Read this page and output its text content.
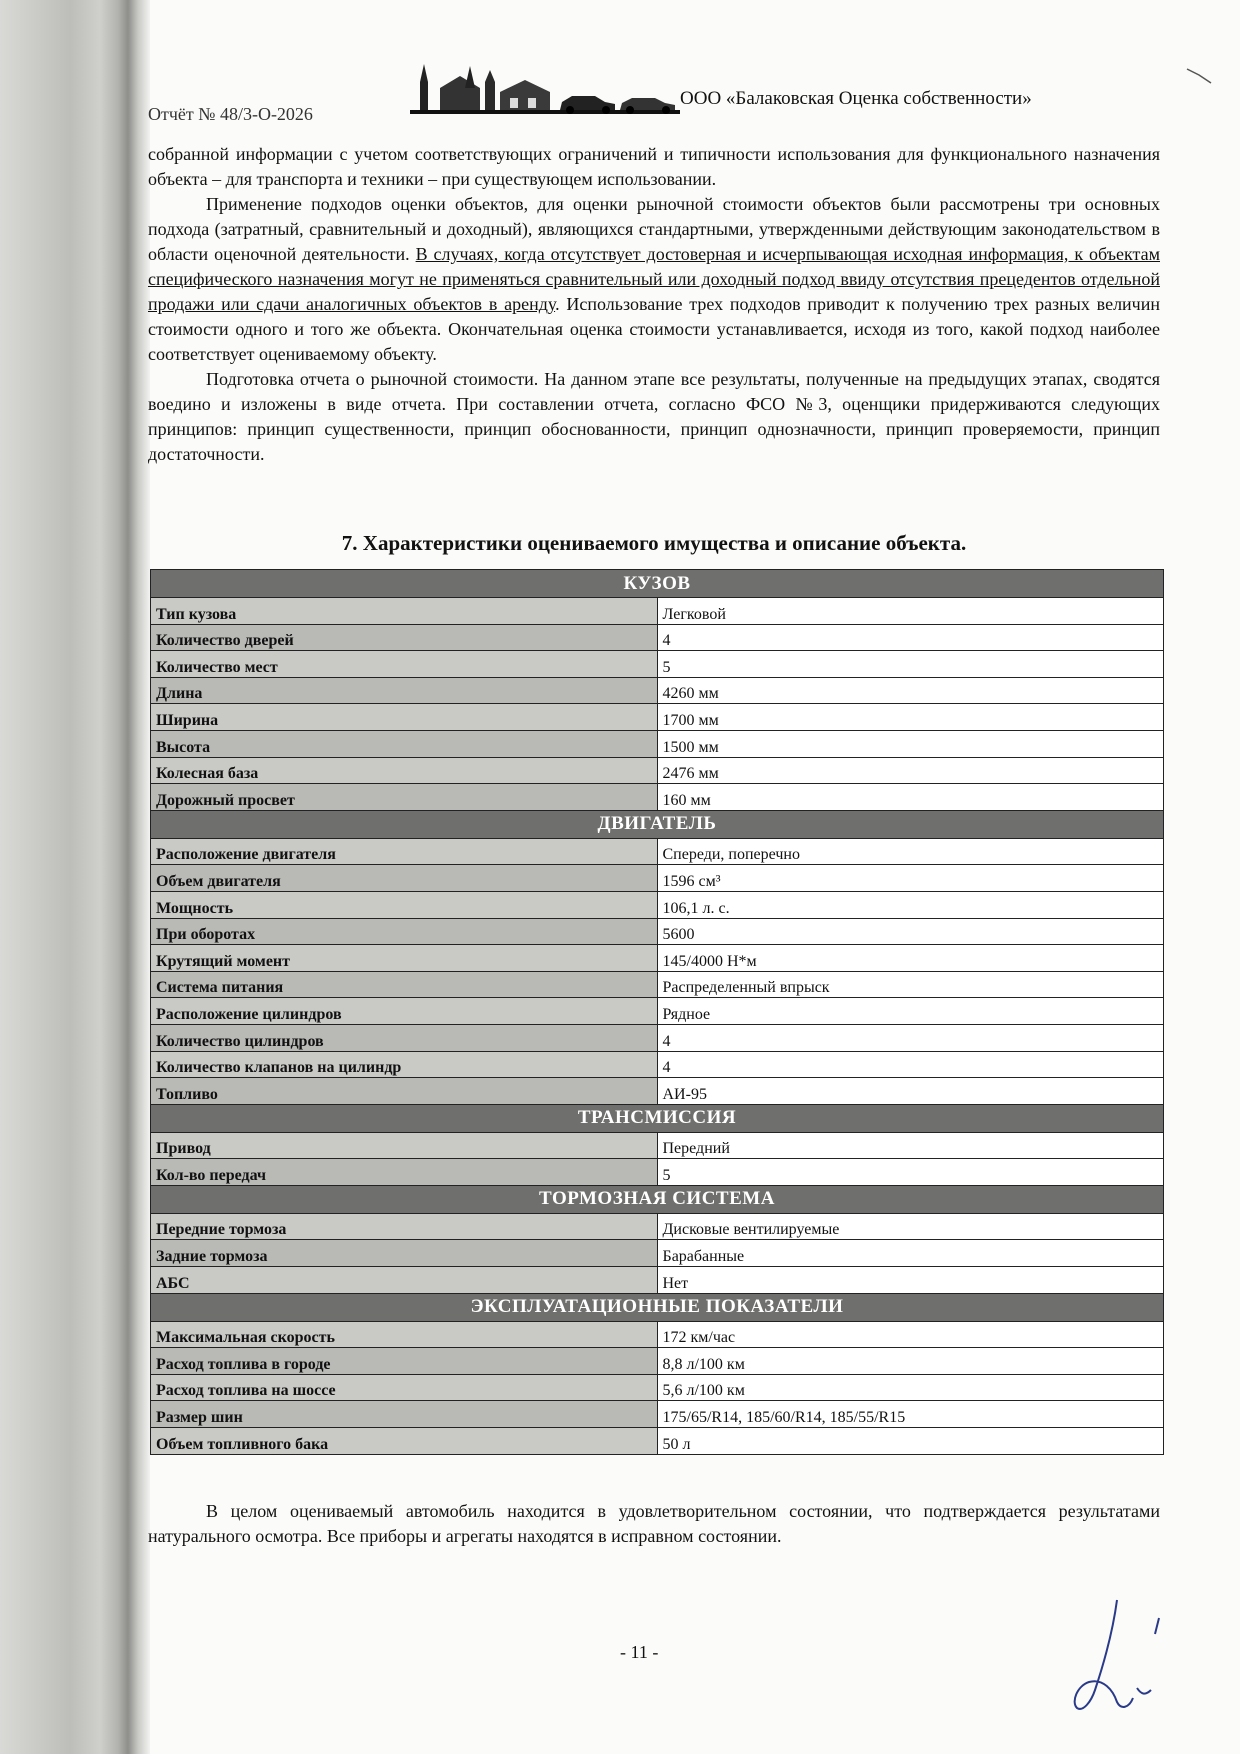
Отчёт № 48/3-О-2026
ООО «Балаковская Оценка собственности»

собранной информации с учетом соответствующих ограничений и типичности использования для функционального назначения объекта – для транспорта и техники – при существующем использовании.

Применение подходов оценки объектов, для оценки рыночной стоимости объектов были рассмотрены три основных подхода (затратный, сравнительный и доходный), являющихся стандартными, утвержденными действующим законодательством в области оценочной деятельности. В случаях, когда отсутствует достоверная и исчерпывающая исходная информация, к объектам специфического назначения могут не применяться сравнительный или доходный подход ввиду отсутствия прецедентов отдельной продажи или сдачи аналогичных объектов в аренду. Использование трех подходов приводит к получению трех разных величин стоимости одного и того же объекта. Окончательная оценка стоимости устанавливается, исходя из того, какой подход наиболее соответствует оцениваемому объекту.

Подготовка отчета о рыночной стоимости. На данном этапе все результаты, полученные на предыдущих этапах, сводятся воедино и изложены в виде отчета. При составлении отчета, согласно ФСО №3, оценщики придерживаются следующих принципов: принцип существенности, принцип обоснованности, принцип однозначности, принцип проверяемости, принцип достаточности.

7. Характеристики оцениваемого имущества и описание объекта.
КУЗОВ	
Тип кузова	Легковой
Количество дверей	4
Количество мест	5
Длина	4260 мм
Ширина	1700 мм
Высота	1500 мм
Колесная база	2476 мм
Дорожный просвет	160 мм
ДВИГАТЕЛЬ	
Расположение двигателя	Спереди, поперечно
Объем двигателя	1596 см³
Мощность	106,1 л. с.
При оборотах	5600
Крутящий момент	145/4000 Н*м
Система питания	Распределенный впрыск
Расположение цилиндров	Рядное
Количество цилиндров	4
Количество клапанов на цилиндр	4
Топливо	АИ-95
ТРАНСМИССИЯ	
Привод	Передний
Кол-во передач	5
ТОРМОЗНАЯ СИСТЕМА	
Передние тормоза	Дисковые вентилируемые
Задние тормоза	Барабанные
АБС	Нет
ЭКСПЛУАТАЦИОННЫЕ ПОКАЗАТЕЛИ	
Максимальная скорость	172 км/час
Расход топлива в городе	8,8 л/100 км
Расход топлива на шоссе	5,6 л/100 км
Размер шин	175/65/R14, 185/60/R14, 185/55/R15
Объем топливного бака	50 л

В целом оцениваемый автомобиль находится в удовлетворительном состоянии, что подтверждается результатами натурального осмотра. Все приборы и агрегаты находятся в исправном состоянии.

- 11 -
